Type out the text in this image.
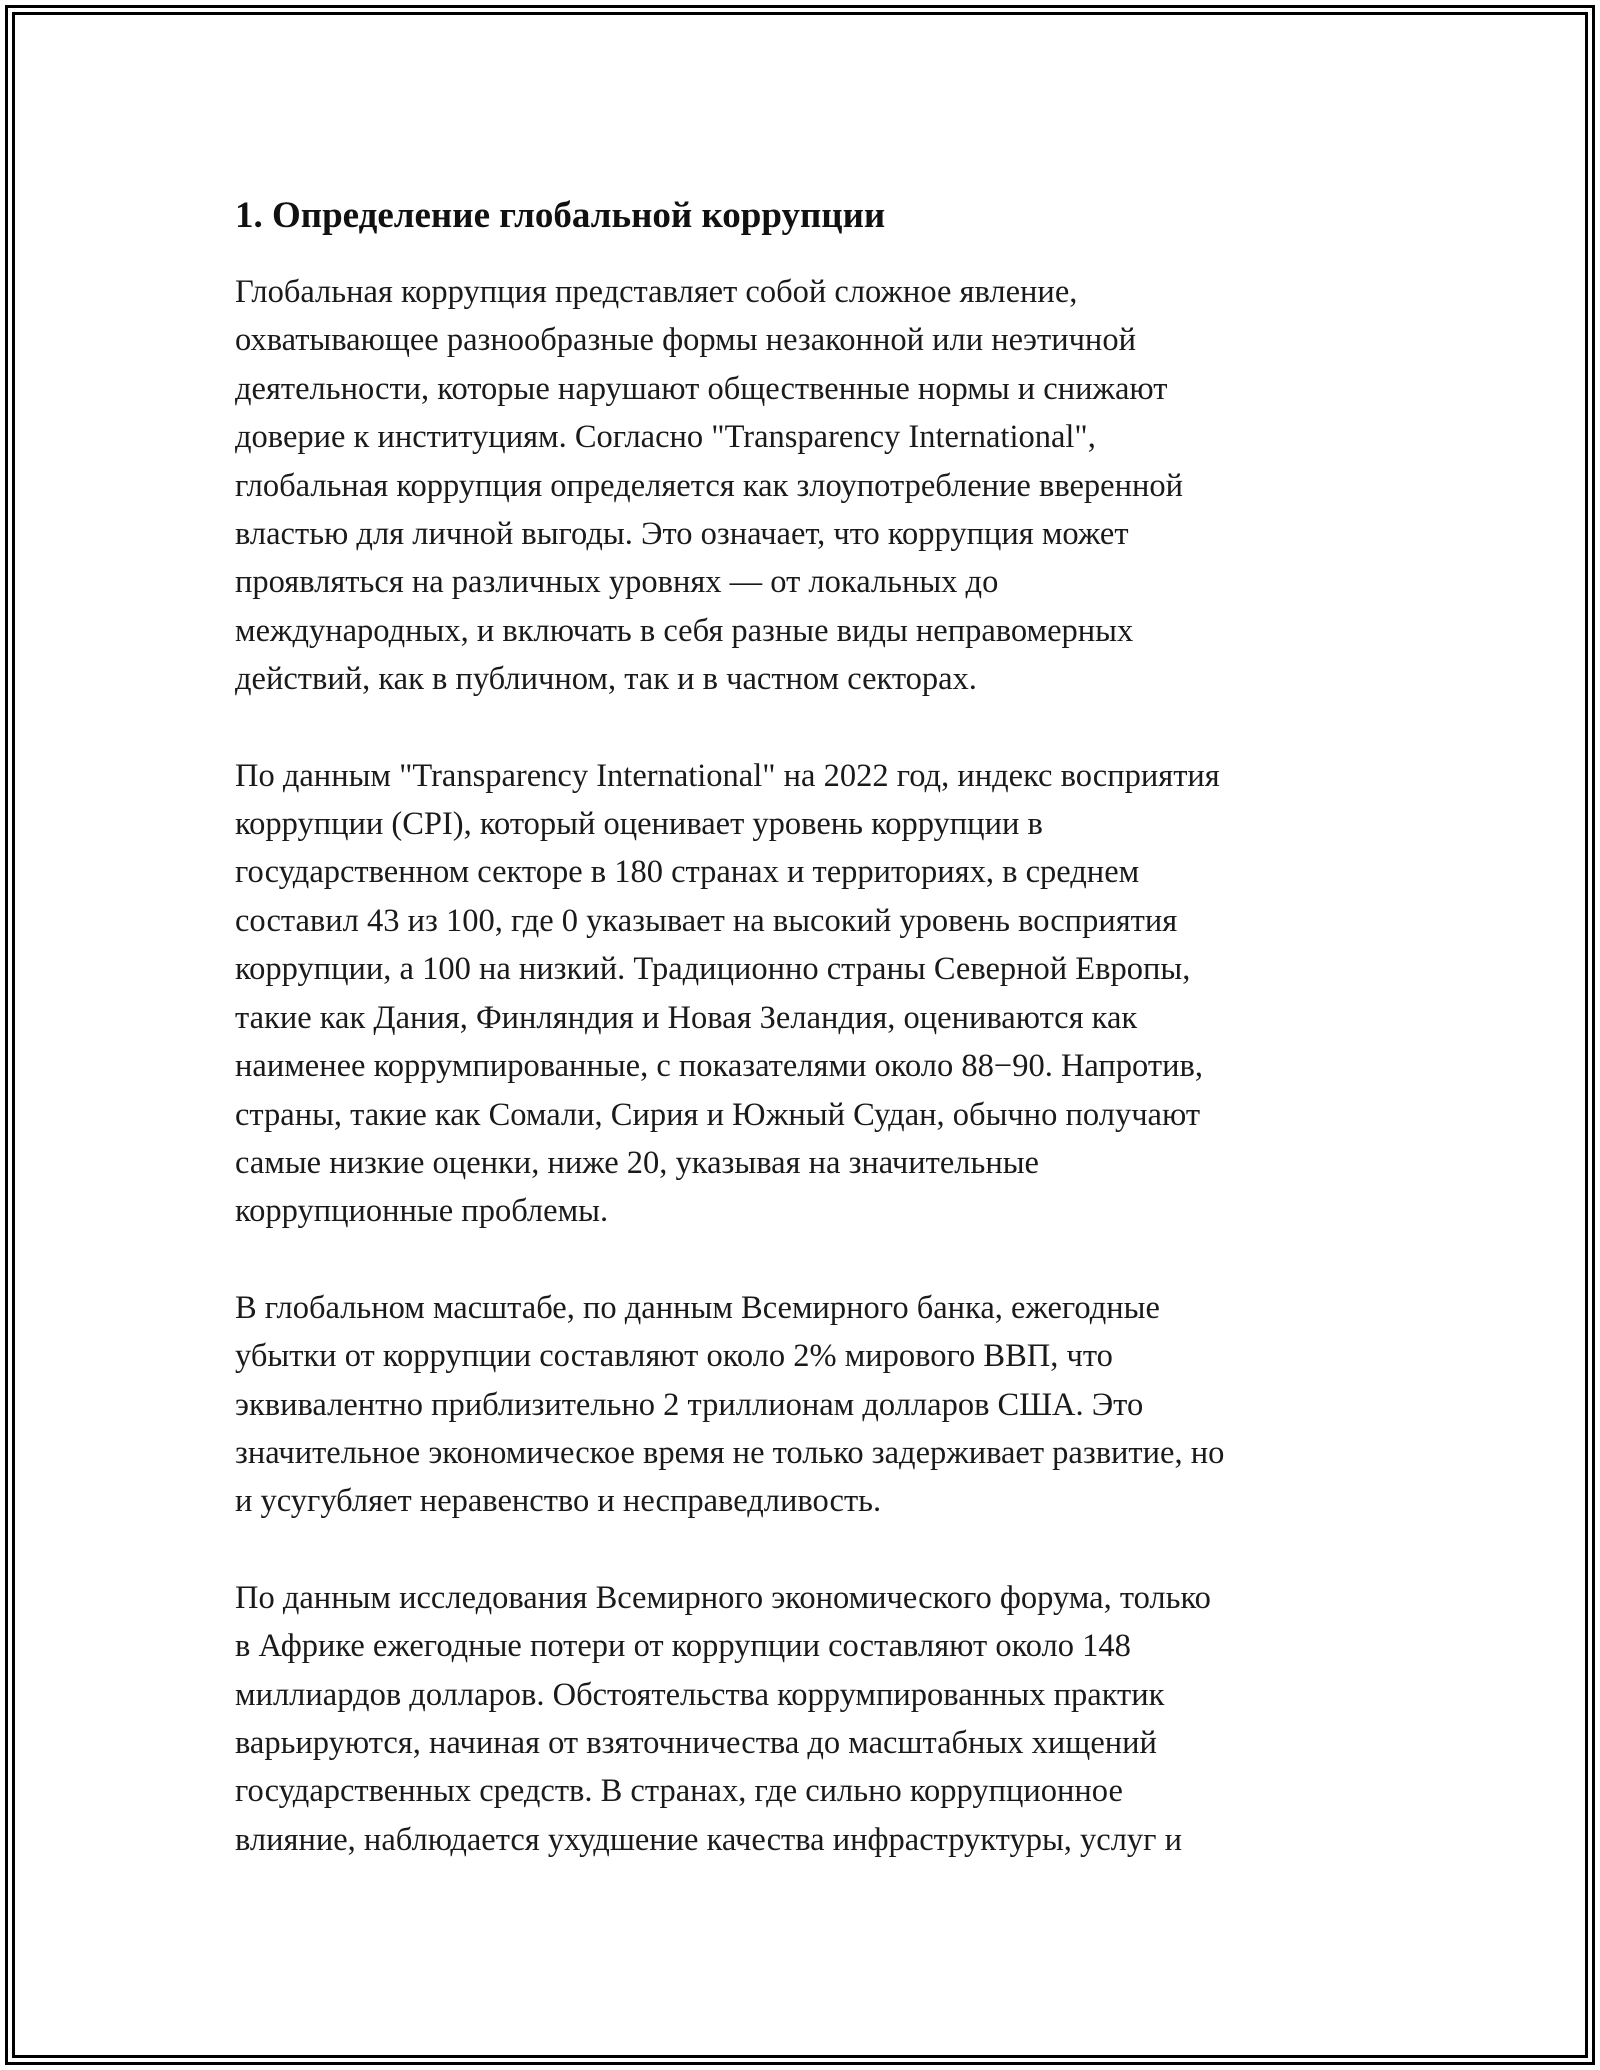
1. Определение глобальной коррупции

Глобальная коррупция представляет собой сложное явление,
охватывающее разнообразные формы незаконной или неэтичной
деятельности, которые нарушают общественные нормы и снижают
доверие к институциям. Согласно "Transparency International",
глобальная коррупция определяется как злоупотребление вверенной
властью для личной выгоды. Это означает, что коррупция может
проявляться на различных уровнях — от локальных до
международных, и включать в себя разные виды неправомерных
действий, как в публичном, так и в частном секторах.

По данным "Transparency International" на 2022 год, индекс восприятия
коррупции (CPI), который оценивает уровень коррупции в
государственном секторе в 180 странах и территориях, в среднем
составил 43 из 100, где 0 указывает на высокий уровень восприятия
коррупции, а 100 на низкий. Традиционно страны Северной Европы,
такие как Дания, Финляндия и Новая Зеландия, оцениваются как
наименее коррумпированные, с показателями около 88−90. Напротив,
страны, такие как Сомали, Сирия и Южный Судан, обычно получают
самые низкие оценки, ниже 20, указывая на значительные
коррупционные проблемы.

В глобальном масштабе, по данным Всемирного банка, ежегодные
убытки от коррупции составляют около 2% мирового ВВП, что
эквивалентно приблизительно 2 триллионам долларов США. Это
значительное экономическое время не только задерживает развитие, но
и усугубляет неравенство и несправедливость.

По данным исследования Всемирного экономического форума, только
в Африке ежегодные потери от коррупции составляют около 148
миллиардов долларов. Обстоятельства коррумпированных практик
варьируются, начиная от взяточничества до масштабных хищений
государственных средств. В странах, где сильно коррупционное
влияние, наблюдается ухудшение качества инфраструктуры, услуг и
